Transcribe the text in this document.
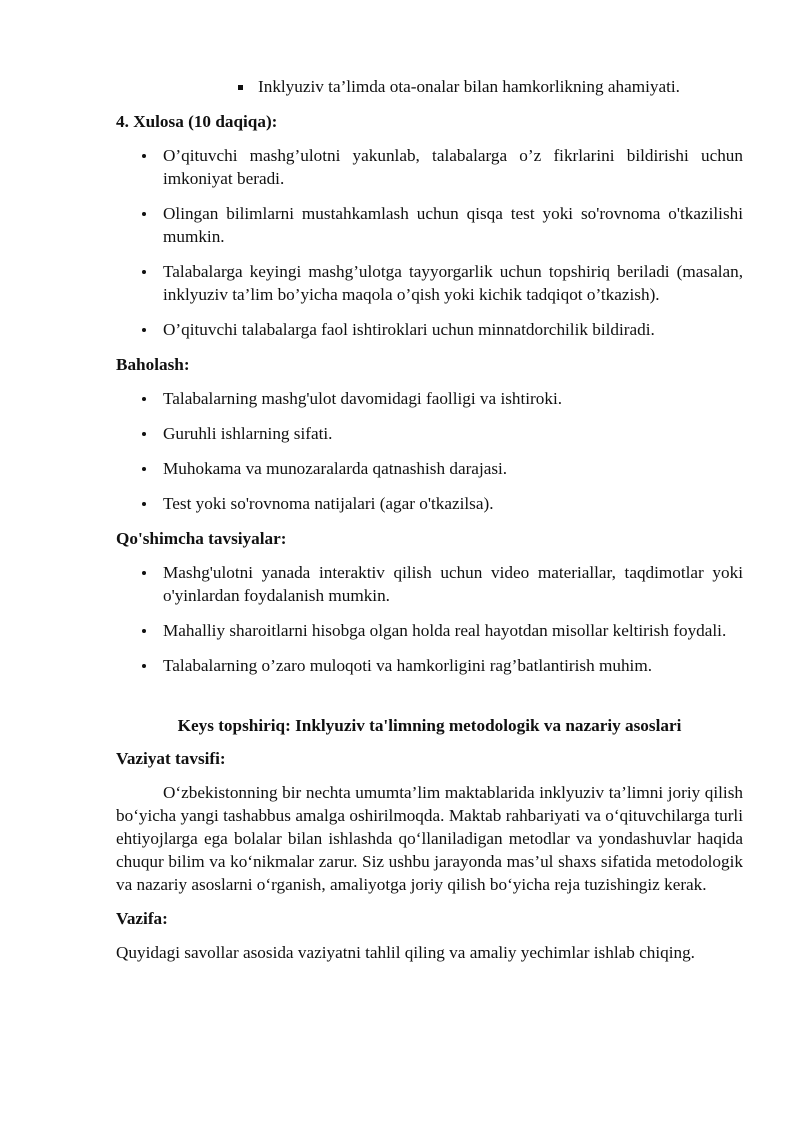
Inklyuziv ta’limda ota-onalar bilan hamkorlikning ahamiyati.
4. Xulosa (10 daqiqa):
O’qituvchi mashg’ulotni yakunlab, talabalarga o’z fikrlarini bildirishi uchun imkoniyat beradi.
Olingan bilimlarni mustahkamlash uchun qisqa test yoki so'rovnoma o'tkazilishi mumkin.
Talabalarga keyingi mashg’ulotga tayyorgarlik uchun topshiriq beriladi (masalan, inklyuziv ta’lim bo’yicha maqola o’qish yoki kichik tadqiqot o’tkazish).
O’qituvchi talabalarga faol ishtiroklari uchun minnatdorchilik bildiradi.
Baholash:
Talabalarning mashg'ulot davomidagi faolligi va ishtiroki.
Guruhli ishlarning sifati.
Muhokama va munozaralarda qatnashish darajasi.
Test yoki so'rovnoma natijalari (agar o'tkazilsa).
Qo'shimcha tavsiyalar:
Mashg'ulotni yanada interaktiv qilish uchun video materiallar, taqdimotlar yoki o'yinlardan foydalanish mumkin.
Mahalliy sharoitlarni hisobga olgan holda real hayotdan misollar keltirish foydali.
Talabalarning o’zaro muloqoti va hamkorligini rag’batlantirish muhim.
Keys topshiriq: Inklyuziv ta'limning metodologik va nazariy asoslari
Vaziyat tavsifi:

O‘zbekistonning bir nechta umumta’lim maktablarida inklyuziv ta’limni joriy qilish bo‘yicha yangi tashabbus amalga oshirilmoqda. Maktab rahbariyati va o‘qituvchilarga turli ehtiyojlarga ega bolalar bilan ishlashda qo‘llaniladigan metodlar va yondashuvlar haqida chuqur bilim va ko‘nikmalar zarur. Siz ushbu jarayonda mas’ul shaxs sifatida metodologik va nazariy asoslarni o‘rganish, amaliyotga joriy qilish bo‘yicha reja tuzishingiz kerak.

Vazifa:

Quyidagi savollar asosida vaziyatni tahlil qiling va amaliy yechimlar ishlab chiqing.
